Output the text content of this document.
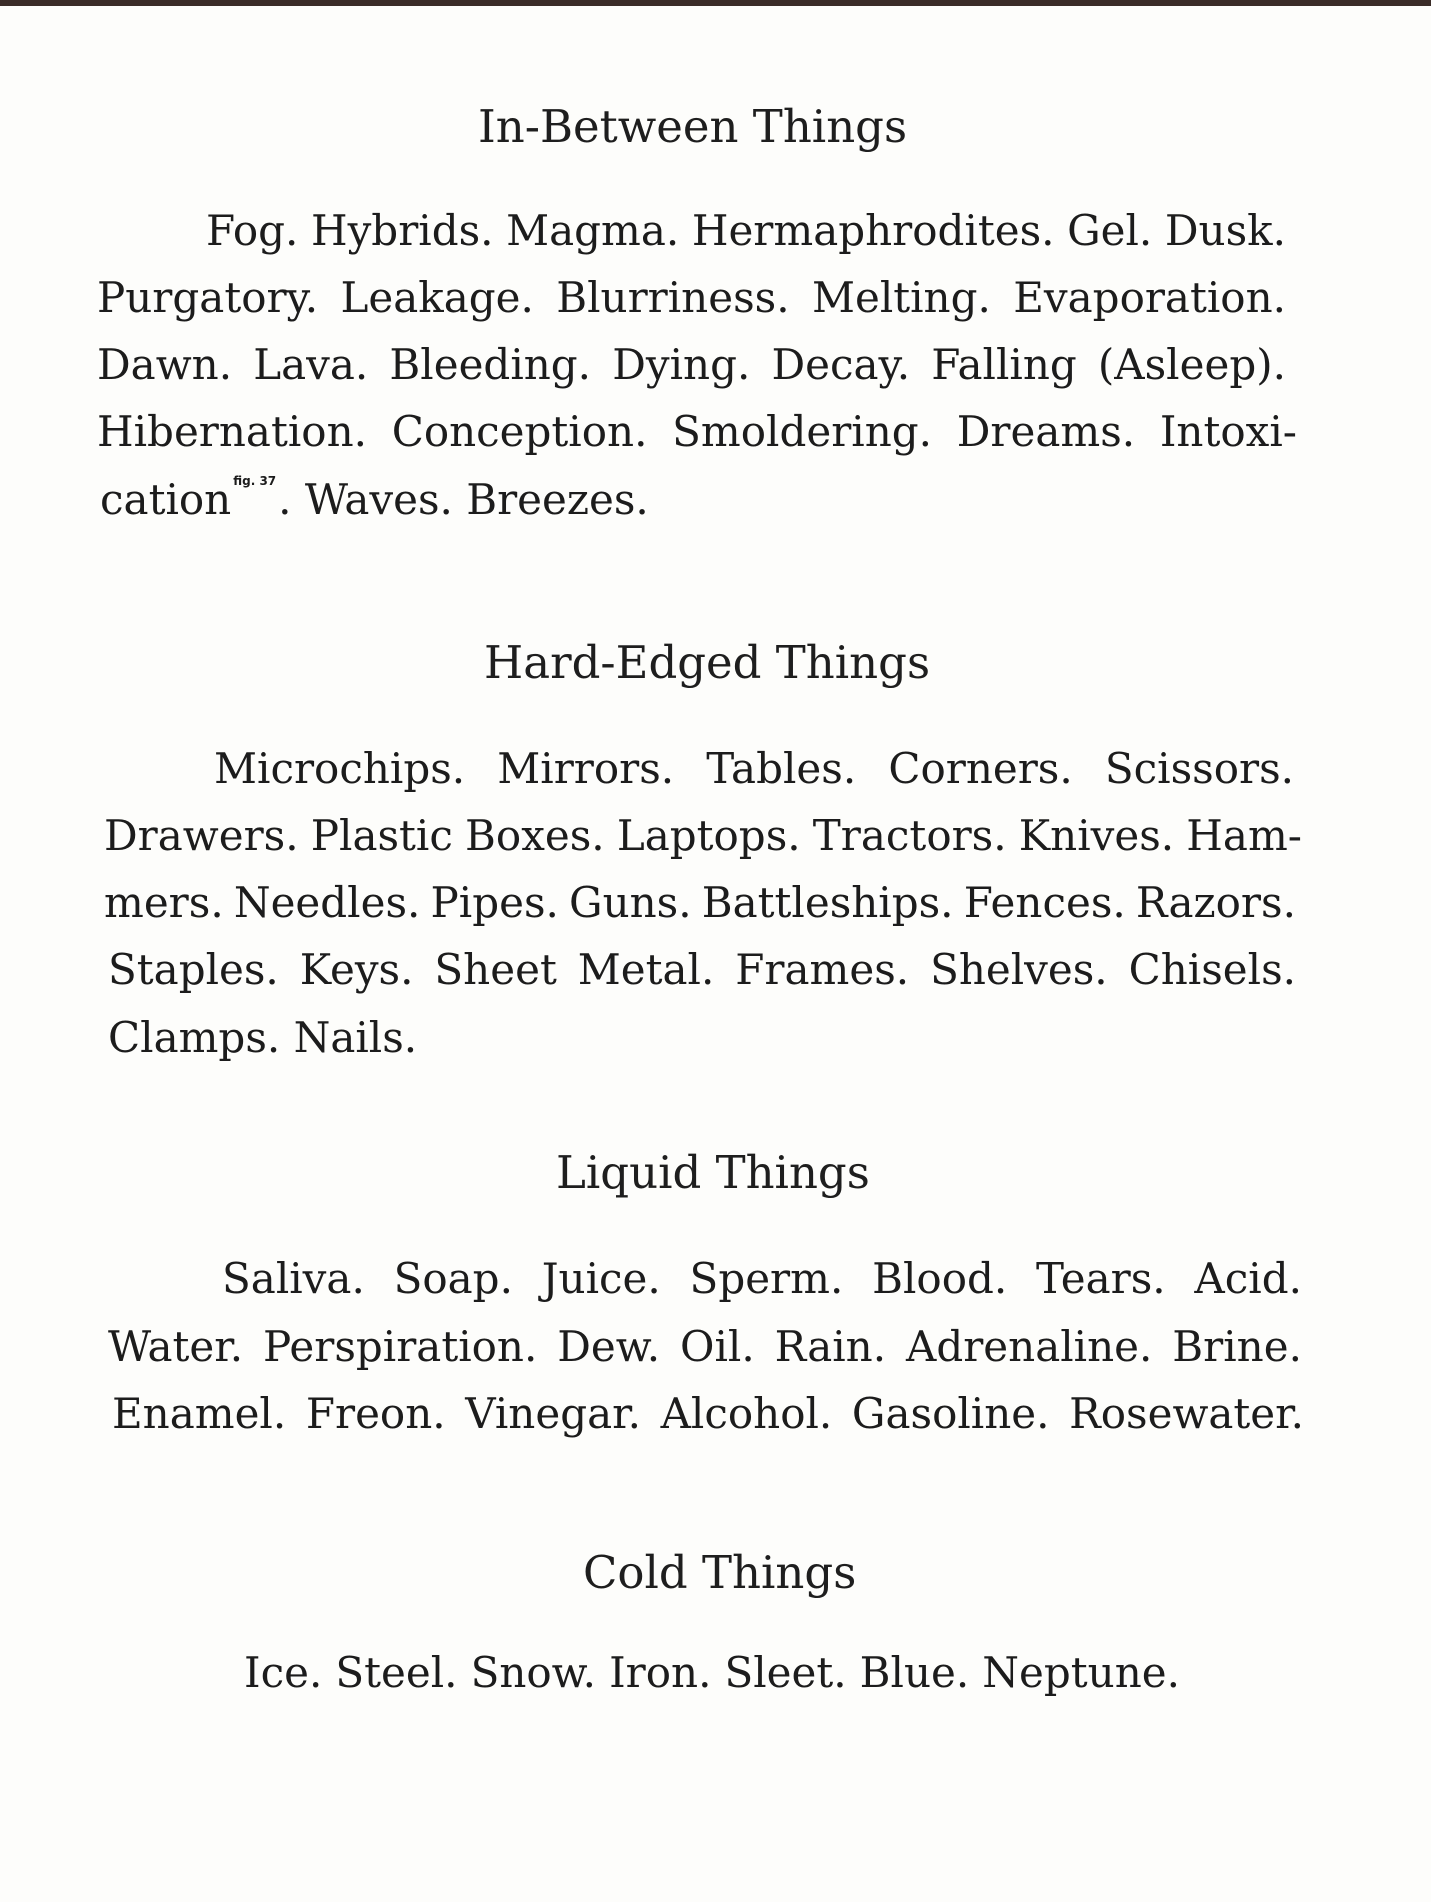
In-Between Things
Fog. Hybrids. Magma. Hermaphrodites. Gel. Dusk.
Purgatory. Leakage. Blurriness. Melting. Evaporation.
Dawn. Lava. Bleeding. Dying. Decay. Falling (Asleep).
Hibernation. Conception. Smoldering. Dreams. Intoxi-
cation fig. 37 . Waves. Breezes.
Hard-Edged Things
Microchips. Mirrors. Tables. Corners. Scissors.
Drawers. Plastic Boxes. Laptops. Tractors. Knives. Ham-
mers. Needles. Pipes. Guns. Battleships. Fences. Razors.
Staples. Keys. Sheet Metal. Frames. Shelves. Chisels.
Clamps. Nails.
Liquid Things
Saliva. Soap. Juice. Sperm. Blood. Tears. Acid.
Water. Perspiration. Dew. Oil. Rain. Adrenaline. Brine.
Enamel. Freon. Vinegar. Alcohol. Gasoline. Rosewater.
Cold Things
Ice. Steel. Snow. Iron. Sleet. Blue. Neptune.
